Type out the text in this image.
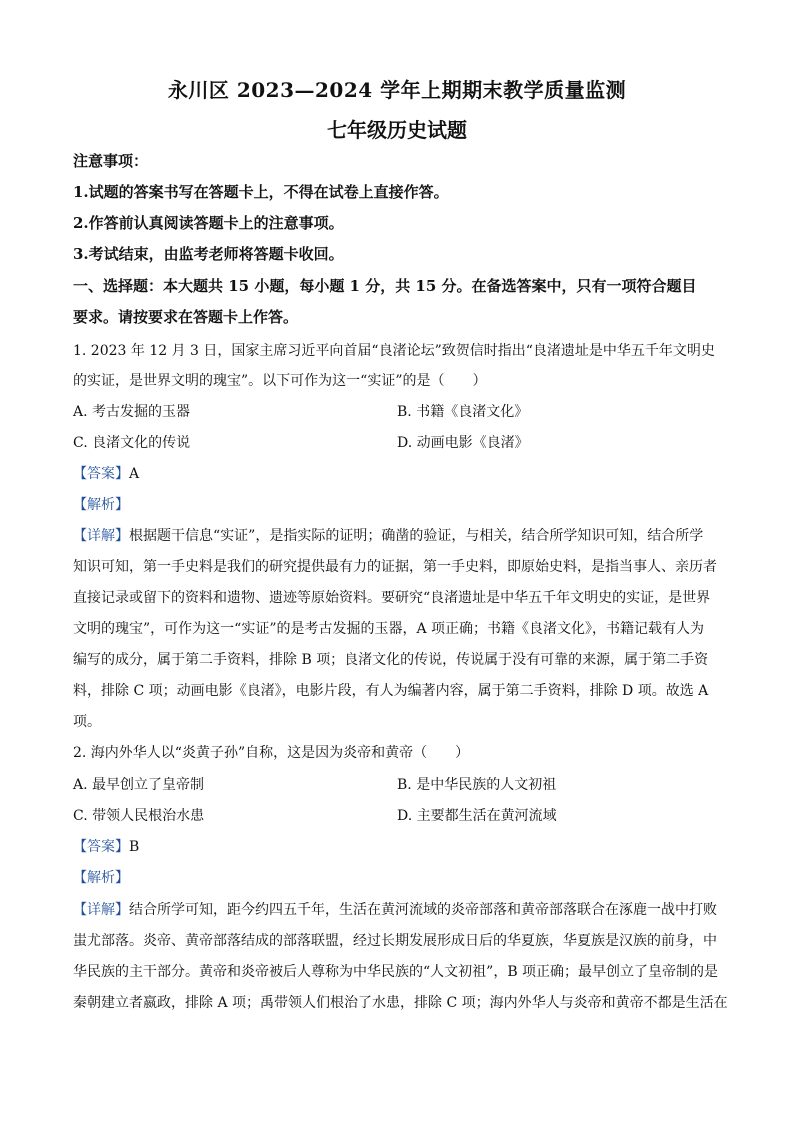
永川区 2023—2024 学年上期期末教学质量监测
七年级历史试题
注意事项：
1.试题的答案书写在答题卡上，不得在试卷上直接作答。
2.作答前认真阅读答题卡上的注意事项。
3.考试结束，由监考老师将答题卡收回。
一、选择题：本大题共 15 小题，每小题 1 分，共 15 分。在备选答案中，只有一项符合题目
要求。请按要求在答题卡上作答。
1. 2023 年 12 月 3 日，国家主席习近平向首届“良渚论坛”致贺信时指出“良渚遗址是中华五千年文明史
的实证，是世界文明的瑰宝”。以下可作为这一“实证”的是（　　）
A. 考古发掘的玉器	B. 书籍《良渚文化》
C. 良渚文化的传说	D. 动画电影《良渚》
【答案】A
【解析】
【详解】根据题干信息“实证”，是指实际的证明；确凿的验证，与相关，结合所学知识可知，结合所学
知识可知，第一手史料是我们的研究提供最有力的证据，第一手史料，即原始史料，是指当事人、亲历者
直接记录或留下的资料和遗物、遗迹等原始资料。要研究“良渚遗址是中华五千年文明史的实证，是世界
文明的瑰宝”，可作为这一“实证”的是考古发掘的玉器，A 项正确；书籍《良渚文化》，书籍记载有人为
编写的成分，属于第二手资料，排除 B 项；良渚文化的传说，传说属于没有可靠的来源，属于第二手资
料，排除 C 项；动画电影《良渚》，电影片段，有人为编著内容，属于第二手资料，排除 D 项。故选 A
项。
2. 海内外华人以“炎黄子孙”自称，这是因为炎帝和黄帝（　　）
A. 最早创立了皇帝制	B. 是中华民族的人文初祖
C. 带领人民根治水患	D. 主要都生活在黄河流域
【答案】B
【解析】
【详解】结合所学可知，距今约四五千年，生活在黄河流域的炎帝部落和黄帝部落联合在涿鹿一战中打败
蚩尤部落。炎帝、黄帝部落结成的部落联盟，经过长期发展形成日后的华夏族，华夏族是汉族的前身，中
华民族的主干部分。黄帝和炎帝被后人尊称为中华民族的“人文初祖”，B 项正确；最早创立了皇帝制的是
秦朝建立者嬴政，排除 A 项；禹带领人们根治了水患，排除 C 项；海内外华人与炎帝和黄帝不都是生活在
